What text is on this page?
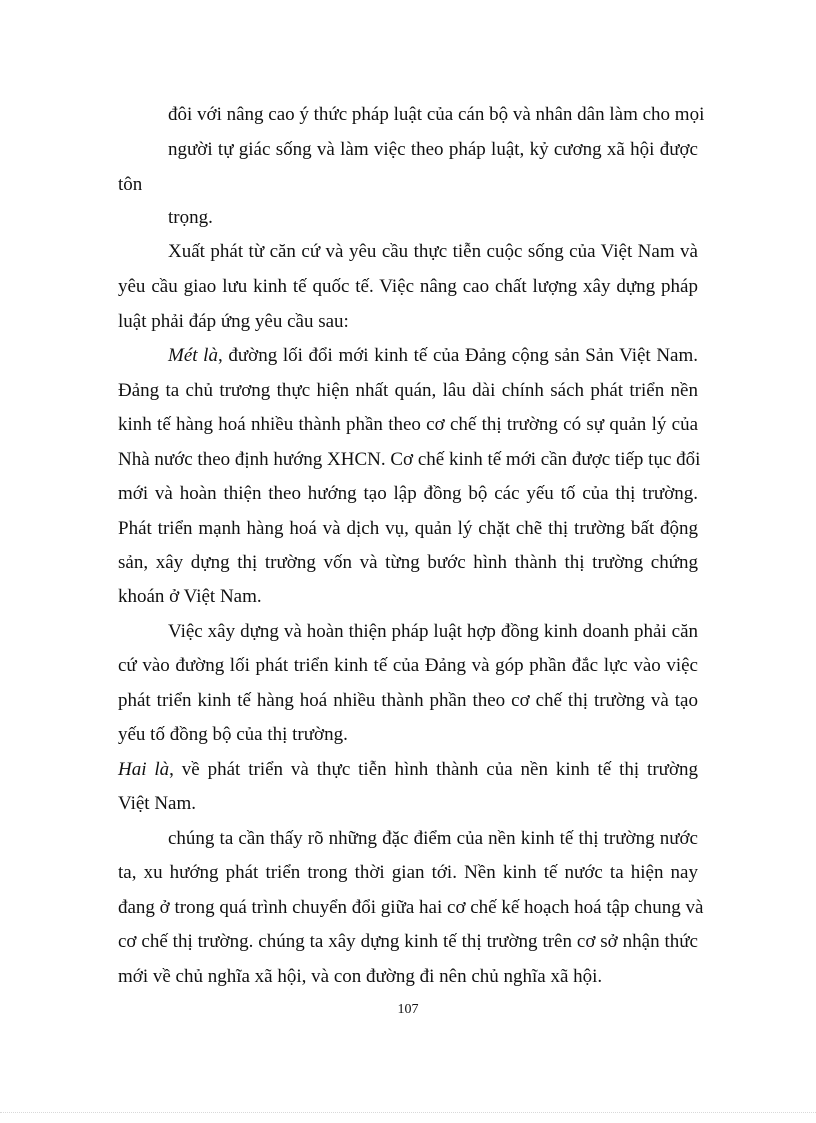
đôi với nâng cao ý thức pháp luật của cán bộ và nhân dân làm cho mọi
người tự giác sống và làm việc theo pháp luật, kỷ cương xã hội được
tôn
trọng.
Xuất phát từ căn cứ và yêu cầu thực tiễn cuộc sống của Việt Nam và
yêu cầu giao lưu kinh tế quốc tế. Việc nâng cao chất lượng xây dựng pháp
luật phải đáp ứng yêu cầu sau:
Mét là, đường lối đổi mới kinh tế của Đảng cộng sản Sản Việt Nam.
Đảng ta chủ trương thực hiện nhất quán, lâu dài chính sách phát triển nền
kinh tế hàng hoá nhiều thành phần theo cơ chế thị trường có sự quản lý của
Nhà nước theo định hướng XHCN. Cơ chế kinh tế mới cần được tiếp tục đổi
mới và hoàn thiện theo hướng tạo lập đồng bộ các yếu tố của thị trường.
Phát triển mạnh hàng hoá và dịch vụ, quản lý chặt chẽ thị trường bất động
sản, xây dựng thị trường vốn và từng bước hình thành thị trường chứng
khoán ở Việt Nam.
Việc xây dựng và hoàn thiện pháp luật hợp đồng kinh doanh phải căn
cứ vào đường lối phát triển kinh tế của Đảng và góp phần đắc lực vào việc
phát triển kinh tế hàng hoá nhiều thành phần theo cơ chế thị trường và tạo
yếu tố đồng bộ của thị trường.
Hai là, về phát triển và thực tiễn hình thành của nền kinh tế thị trường
Việt Nam.
chúng ta cần thấy rõ những đặc điểm của nền kinh tế thị trường nước
ta, xu hướng phát triển trong thời gian tới. Nền kinh tế nước ta hiện nay
đang ở trong quá trình chuyển đổi giữa hai cơ chế kế hoạch hoá tập chung và
cơ chế thị trường. chúng ta xây dựng kinh tế thị trường trên cơ sở nhận thức
mới về chủ nghĩa xã hội, và con đường đi nên chủ nghĩa xã hội.
107
